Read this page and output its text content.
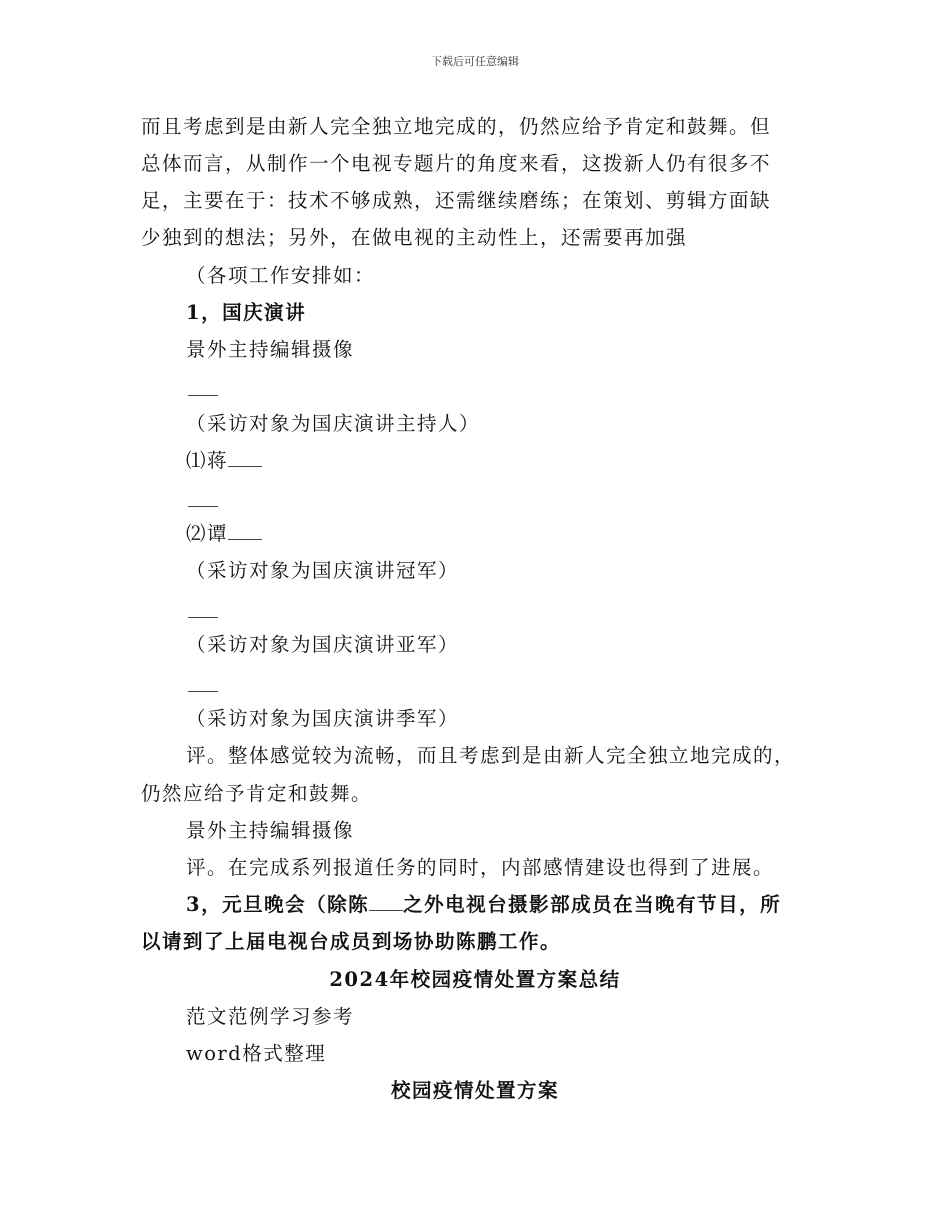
下载后可任意编辑
而且考虑到是由新人完全独立地完成的，仍然应给予肯定和鼓舞。但
总体而言，从制作一个电视专题片的角度来看，这拨新人仍有很多不
足，主要在于：技术不够成熟，还需继续磨练；在策划、剪辑方面缺
少独到的想法；另外，在做电视的主动性上，还需要再加强
（各项工作安排如：
1，国庆演讲
景外主持编辑摄像
（采访对象为国庆演讲主持人）
⑴蒋
⑵谭
（采访对象为国庆演讲冠军）
（采访对象为国庆演讲亚军）
（采访对象为国庆演讲季军）
评。整体感觉较为流畅，而且考虑到是由新人完全独立地完成的，
仍然应给予肯定和鼓舞。
景外主持编辑摄像
评。在完成系列报道任务的同时，内部感情建设也得到了进展。
3，元旦晚会（除陈 之外电视台摄影部成员在当晚有节目，所
以请到了上届电视台成员到场协助陈鹏工作。
2024年校园疫情处置方案总结
范文范例学习参考
word格式整理
校园疫情处置方案
